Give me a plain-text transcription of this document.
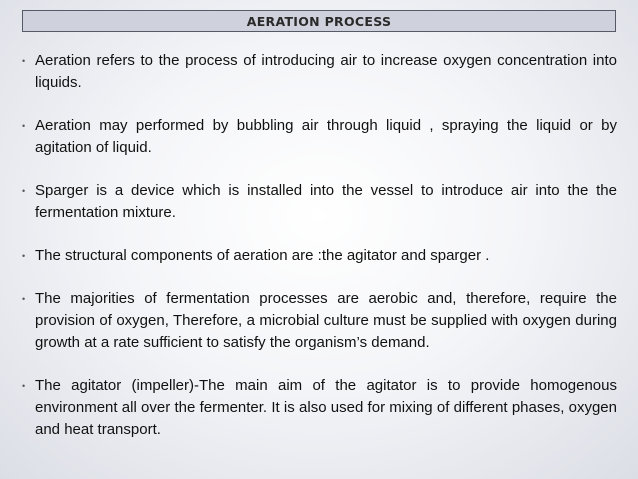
AERATION PROCESS
• Aeration refers to the process of introducing air to increase oxygen concentration into liquids.
• Aeration may performed by bubbling air through liquid , spraying the liquid or by agitation of liquid.
• Sparger is a device which is installed into the vessel to introduce air into the the fermentation mixture.
• The structural components of aeration are :the agitator and sparger .
• The majorities of fermentation processes are aerobic and, therefore, require the provision of oxygen, Therefore, a microbial culture must be supplied with oxygen during growth at a rate sufficient to satisfy the organism’s demand.
• The agitator (impeller)-The main aim of the agitator is to provide homogenous environment all over the fermenter. It is also used for mixing of different phases, oxygen and heat transport.
